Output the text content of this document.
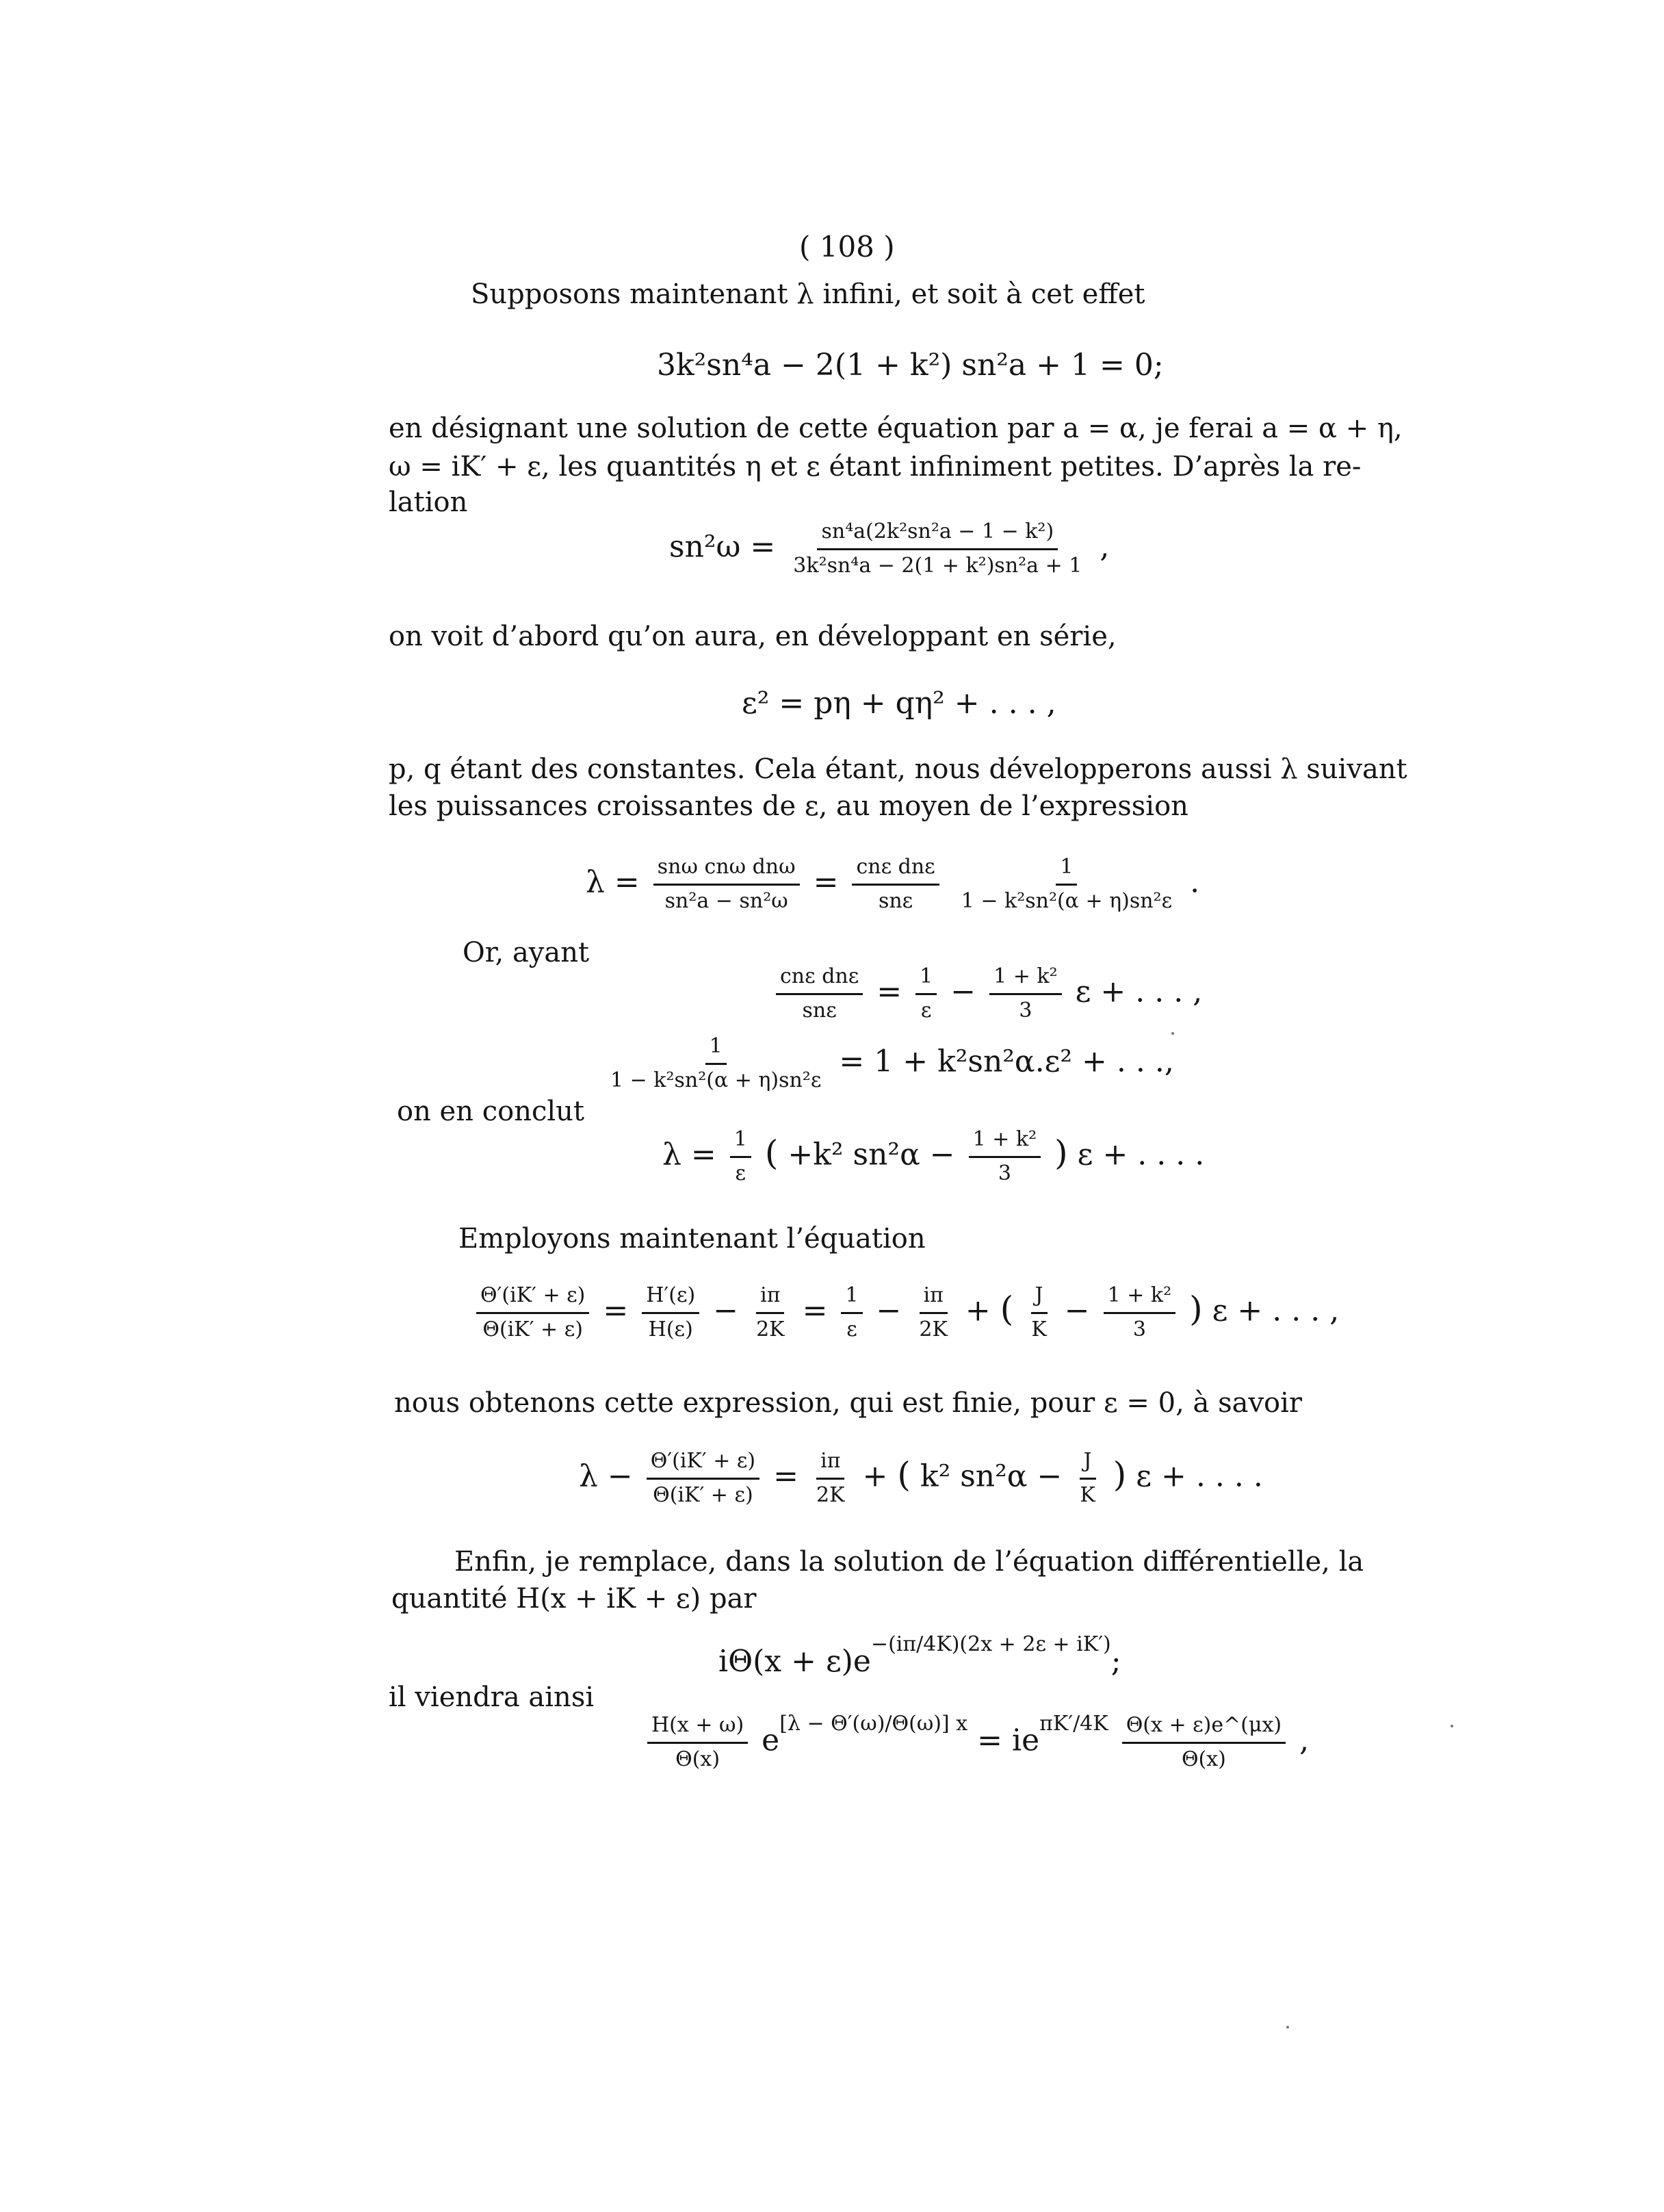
( 108 )
Supposons maintenant λ infini, et soit à cet effet
3k²sn⁴a − 2(1 + k²) sn²a + 1 = 0;
en désignant une solution de cette équation par a = α, je ferai a = α + η,
ω = iK′ + ε, les quantités η et ε étant infiniment petites. D’après la re-
lation
$sn^2\omega = \frac{\text{sn⁴a(2k²sn²a − 1 − k²)}}{\text{3k²sn⁴a − 2(1 + k²)sn²a + 1}}$ ,
on voit d’abord qu’on aura, en développant en série,
ε² = pη + qη² + . . . ,
p, q étant des constantes. Cela étant, nous développerons aussi λ suivant
les puissances croissantes de ε, au moyen de l’expression
$\lambda = \frac{\text{snω cnω dnω}}{\text{sn²a − sn²ω}} = \frac{\text{cnε dnε}}{\text{snε}}$
$\frac{1}{\text{1 − k²sn²(α + η)sn²ε}}$ .
Or, ayant
$\frac{\text{cnε dnε}}{\text{snε}} = \frac{1}{\varepsilon} - \frac{\text{1 + k²}}{3}$ ε + . . . ,
$\frac{1}{\text{1 − k²sn²(α + η)sn²ε}} = 1 + k^2sn^2\alpha.\varepsilon^2$ + . . .,
on en conclut
$\lambda = \frac{1}{\varepsilon}$ ( +k² $sn^2\alpha - \frac{\text{1 + k²}}{3}$ ) ε + . . . .
Employons maintenant l’équation
$\frac{\Theta'(iK' + \varepsilon)}{\Theta(iK' + \varepsilon)} = \frac{H'(\varepsilon)}{H(\varepsilon)} - \frac{i\pi}{2K} = \frac{1}{\varepsilon} - \frac{i\pi}{2K}$ + ( $\frac{J}{K} - \frac{\text{1 + k²}}{3}$ ) ε + . . . ,
nous obtenons cette expression, qui est finie, pour ε = 0, à savoir
$\lambda - \frac{\Theta'(iK' + \varepsilon)}{\Theta(iK' + \varepsilon)} = \frac{i\pi}{2K}$ + ( k² $sn^2\alpha - \frac{J}{K}$ ) ε + . . . .
Enfin, je remplace, dans la solution de l’équation différentielle, la
quantité H(x + iK + ε) par
$i\Theta(x + \varepsilon)e^{-(i\pi/4K)(2x + 2\varepsilon + iK')}$;
il viendra ainsi
$\frac{H(x + \omega)}{\Theta(x)} e^{[\lambda - \Theta'(\omega)/\Theta(\omega)] x} = ie^{\pi K'/4K} \frac{\Theta(x + \varepsilon)e\^{}(\mu x)}{\Theta(x)}$ ,
